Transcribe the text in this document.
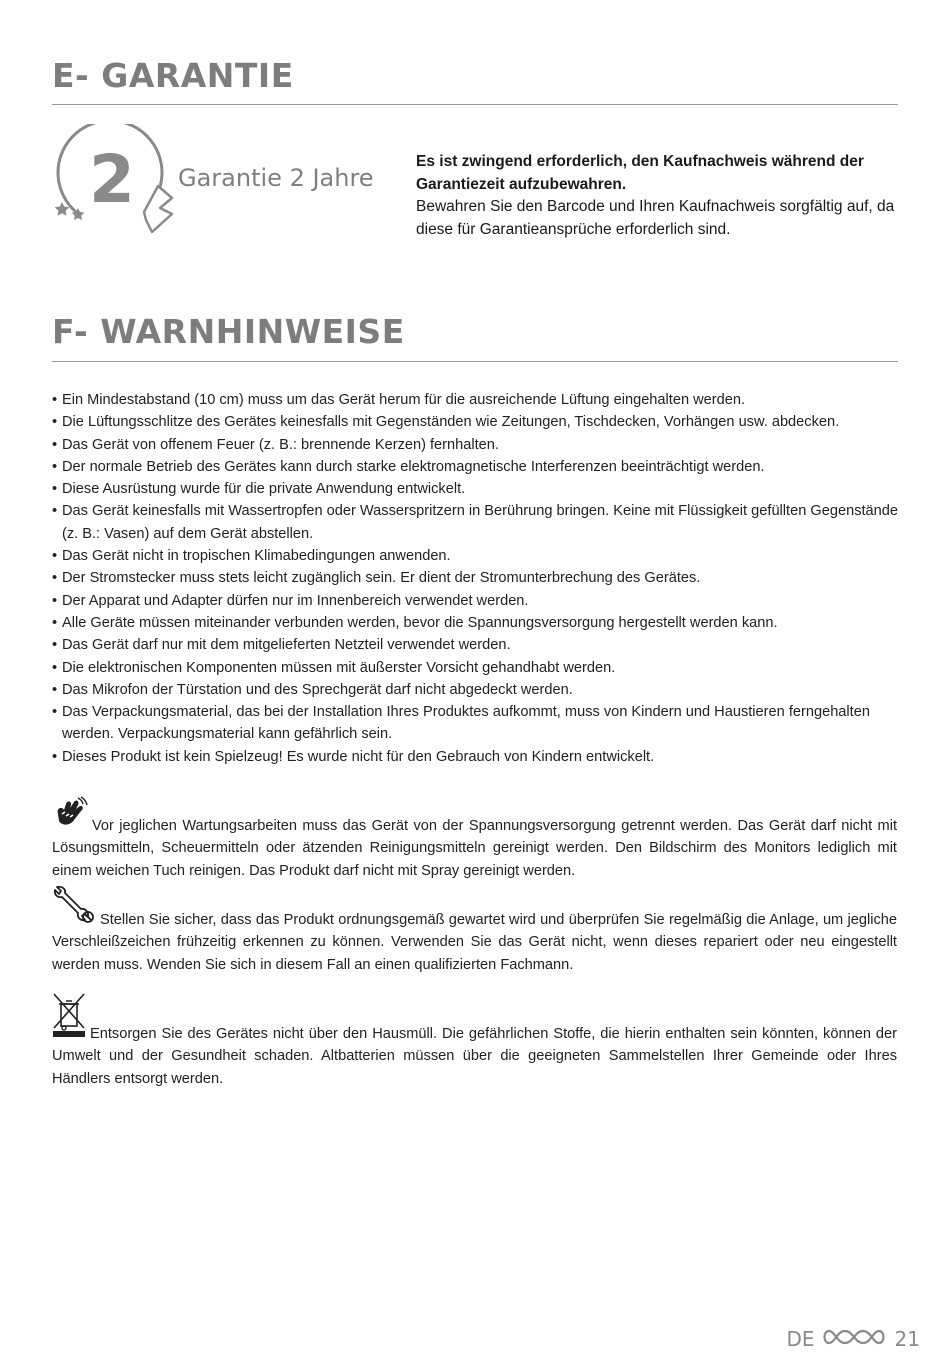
E- GARANTIE
2 Garantie 2 Jahre
Es ist zwingend erforderlich, den Kaufnachweis während der Garantiezeit aufzubewahren.
Bewahren Sie den Barcode und Ihren Kaufnachweis sorgfältig auf, da diese für Garantieansprüche erforderlich sind.
F- WARNHINWEISE
• Ein Mindestabstand (10 cm) muss um das Gerät herum für die ausreichende Lüftung eingehalten werden.
• Die Lüftungsschlitze des Gerätes keinesfalls mit Gegenständen wie Zeitungen, Tischdecken, Vorhängen usw. abdecken.
• Das Gerät von offenem Feuer (z. B.: brennende Kerzen) fernhalten.
• Der normale Betrieb des Gerätes kann durch starke elektromagnetische Interferenzen beeinträchtigt werden.
• Diese Ausrüstung wurde für die private Anwendung entwickelt.
• Das Gerät keinesfalls mit Wassertropfen oder Wasserspritzern in Berührung bringen. Keine mit Flüssigkeit gefüllten Gegenstände (z. B.: Vasen) auf dem Gerät abstellen.
• Das Gerät nicht in tropischen Klimabedingungen anwenden.
• Der Stromstecker muss stets leicht zugänglich sein. Er dient der Stromunterbrechung des Gerätes.
• Der Apparat und Adapter dürfen nur im Innenbereich verwendet werden.
• Alle Geräte müssen miteinander verbunden werden, bevor die Spannungsversorgung hergestellt werden kann.
• Das Gerät darf nur mit dem mitgelieferten Netzteil verwendet werden.
• Die elektronischen Komponenten müssen mit äußerster Vorsicht gehandhabt werden.
• Das Mikrofon der Türstation und des Sprechgerät darf nicht abgedeckt werden.
• Das Verpackungsmaterial, das bei der Installation Ihres Produktes aufkommt, muss von Kindern und Haustieren ferngehalten werden. Verpackungsmaterial kann gefährlich sein.
• Dieses Produkt ist kein Spielzeug! Es wurde nicht für den Gebrauch von Kindern entwickelt.
Vor jeglichen Wartungsarbeiten muss das Gerät von der Spannungsversorgung getrennt werden. Das Gerät darf nicht mit Lösungsmitteln, Scheuermitteln oder ätzenden Reinigungsmitteln gereinigt werden. Den Bildschirm des Monitors lediglich mit einem weichen Tuch reinigen. Das Produkt darf nicht mit Spray gereinigt werden.
Stellen Sie sicher, dass das Produkt ordnungsgemäß gewartet wird und überprüfen Sie regelmäßig die Anlage, um jegliche Verschleißzeichen frühzeitig erkennen zu können. Verwenden Sie das Gerät nicht, wenn dieses repariert oder neu eingestellt werden muss. Wenden Sie sich in diesem Fall an einen qualifizierten Fachmann.
Entsorgen Sie des Gerätes nicht über den Hausmüll. Die gefährlichen Stoffe, die hierin enthalten sein könnten, können der Umwelt und der Gesundheit schaden. Altbatterien müssen über die geeigneten Sammelstellen Ihrer Gemeinde oder Ihres Händlers entsorgt werden.
DE	21
